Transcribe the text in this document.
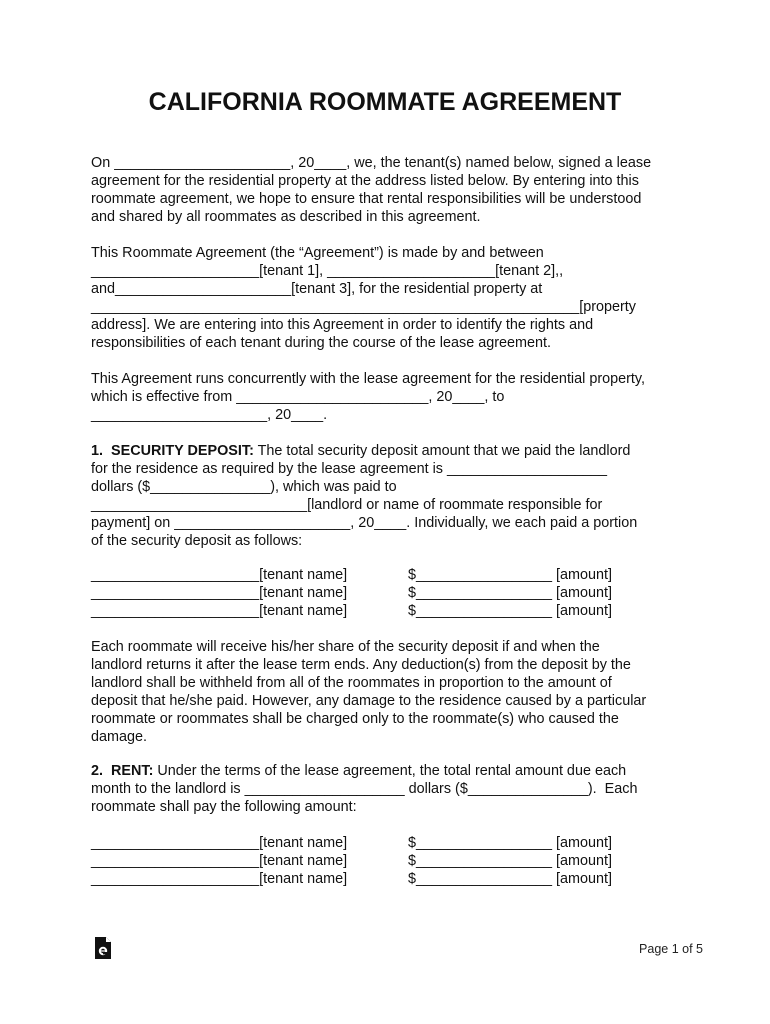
CALIFORNIA ROOMMATE AGREEMENT

On ______________________, 20____, we, the tenant(s) named below, signed a lease

agreement for the residential property at the address listed below. By entering into this

roommate agreement, we hope to ensure that rental responsibilities will be understood

and shared by all roommates as described in this agreement.

This Roommate Agreement (the “Agreement”) is made by and between

_____________________[tenant 1], _____________________[tenant 2],,

and______________________[tenant 3], for the residential property at

_____________________________________________________________[property

address]. We are entering into this Agreement in order to identify the rights and

responsibilities of each tenant during the course of the lease agreement.

This Agreement runs concurrently with the lease agreement for the residential property,

which is effective from ________________________, 20____, to

______________________, 20____.

1.  SECURITY DEPOSIT: The total security deposit amount that we paid the landlord

for the residence as required by the lease agreement is ____________________

dollars ($_______________), which was paid to

___________________________[landlord or name of roommate responsible for

payment] on ______________________, 20____. Individually, we each paid a portion

of the security deposit as follows:

_____________________[tenant name]	$_________________ [amount]
_____________________[tenant name]	$_________________ [amount]
_____________________[tenant name]	$_________________ [amount]

Each roommate will receive his/her share of the security deposit if and when the

landlord returns it after the lease term ends. Any deduction(s) from the deposit by the

landlord shall be withheld from all of the roommates in proportion to the amount of

deposit that he/she paid. However, any damage to the residence caused by a particular

roommate or roommates shall be charged only to the roommate(s) who caused the

damage.

2.  RENT: Under the terms of the lease agreement, the total rental amount due each

month to the landlord is ____________________ dollars ($_______________).  Each

roommate shall pay the following amount:

_____________________[tenant name]	$_________________ [amount]
_____________________[tenant name]	$_________________ [amount]
_____________________[tenant name]	$_________________ [amount]
Page 1 of 5
